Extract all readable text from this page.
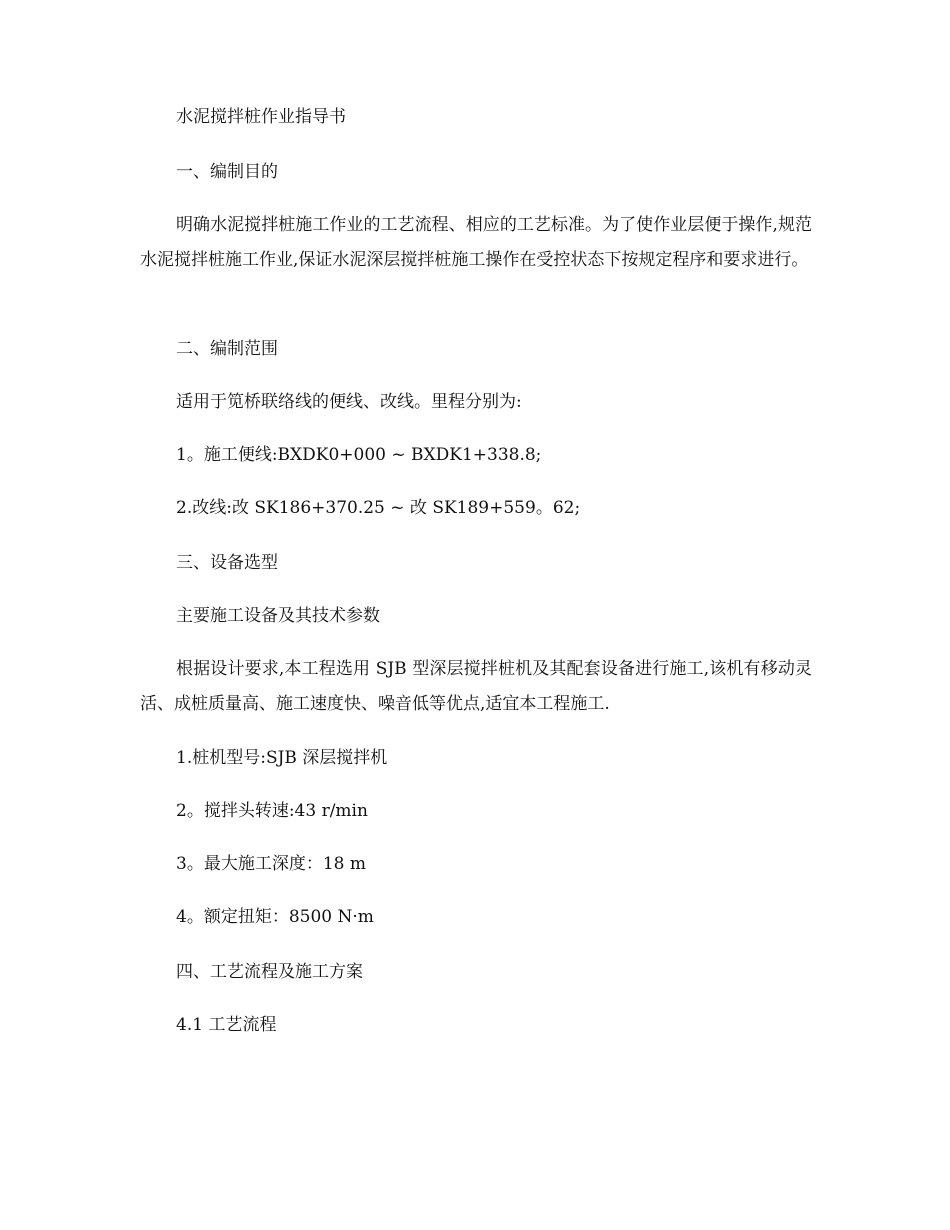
水泥搅拌桩作业指导书

一、编制目的

明确水泥搅拌桩施工作业的工艺流程、相应的工艺标准。为了使作业层便于操作,规范水泥搅拌桩施工作业,保证水泥深层搅拌桩施工操作在受控状态下按规定程序和要求进行。

二、编制范围

适用于笕桥联络线的便线、改线。里程分别为:

1。施工便线:BXDK0+000 ~ BXDK1+338.8;

2.改线:改 SK186+370.25 ~ 改 SK189+559。62;

三、设备选型

主要施工设备及其技术参数

根据设计要求,本工程选用 SJB 型深层搅拌桩机及其配套设备进行施工,该机有移动灵活、成桩质量高、施工速度快、噪音低等优点,适宜本工程施工.

1.桩机型号:SJB 深层搅拌机

2。搅拌头转速:43 r/min

3。最大施工深度：18 m

4。额定扭矩：8500 N·m

四、工艺流程及施工方案

4.1 工艺流程
